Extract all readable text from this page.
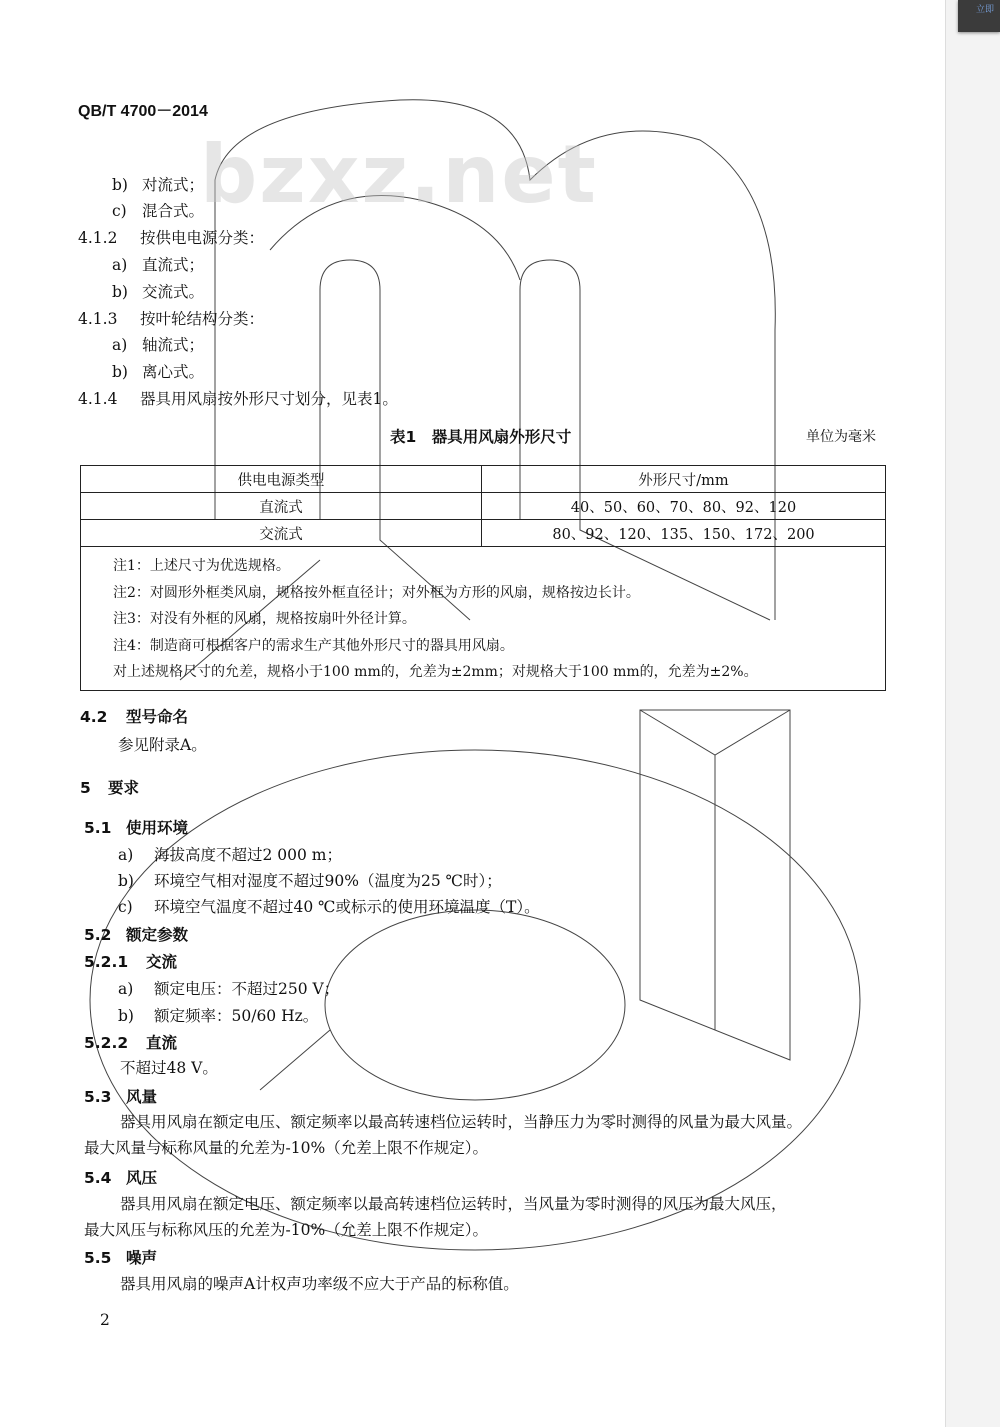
立即
bzxz.net
QB/T 4700－2014
b) 对流式；
c) 混合式。
4.1.2 按供电电源分类：
a) 直流式；
b) 交流式。
4.1.3 按叶轮结构分类：
a) 轴流式；
b) 离心式。
4.1.4 器具用风扇按外形尺寸划分，见表1。
表1　器具用风扇外形尺寸	单位为毫米
供电电源类型	外形尺寸/mm
直流式	40、50、60、70、80、92、120
交流式	80、92、120、135、150、172、200

注1：上述尺寸为优选规格。
注2：对圆形外框类风扇，规格按外框直径计；对外框为方形的风扇，规格按边长计。
注3：对没有外框的风扇，规格按扇叶外径计算。
注4：制造商可根据客户的需求生产其他外形尺寸的器具用风扇。
对上述规格尺寸的允差，规格小于100 mm的，允差为±2mm；对规格大于100 mm的，允差为±2%。	
4.2 型号命名
参见附录A。
5 要求
5.1 使用环境
a) 海拔高度不超过2 000 m；
b) 环境空气相对湿度不超过90%（温度为25 ℃时）；
c) 环境空气温度不超过40 ℃或标示的使用环境温度（T）。
5.2 额定参数
5.2.1 交流
a) 额定电压：不超过250 V；
b) 额定频率：50/60 Hz。
5.2.2 直流
不超过48 V。
5.3 风量
器具用风扇在额定电压、额定频率以最高转速档位运转时，当静压力为零时测得的风量为最大风量。
最大风量与标称风量的允差为-10%（允差上限不作规定）。
5.4 风压
器具用风扇在额定电压、额定频率以最高转速档位运转时，当风量为零时测得的风压为最大风压，
最大风压与标称风压的允差为-10%（允差上限不作规定）。
5.5 噪声
器具用风扇的噪声A计权声功率级不应大于产品的标称值。
2
